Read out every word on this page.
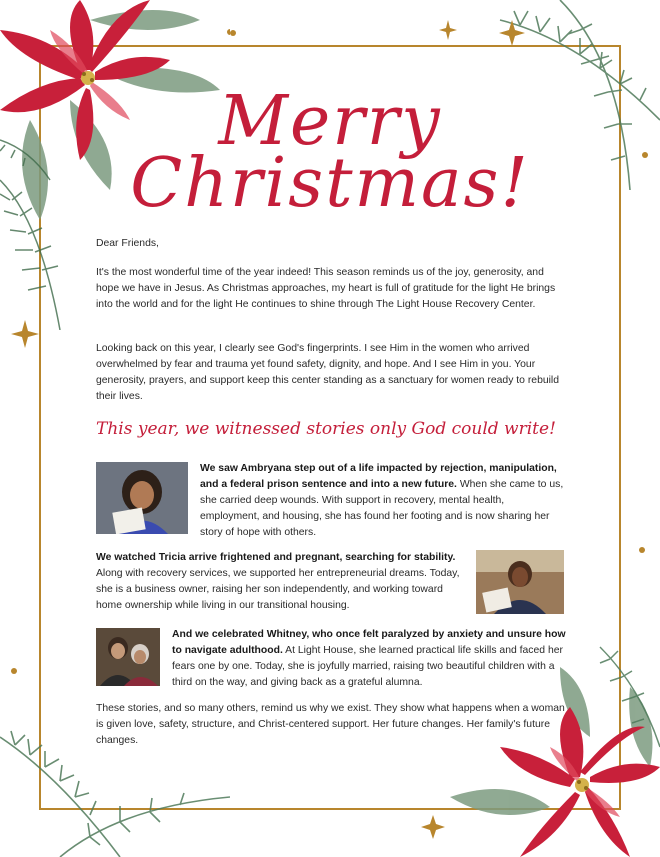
Merry
Christmas!
Dear Friends,
It's the most wonderful time of the year indeed! This season reminds us of the joy, generosity, and hope we have in Jesus. As Christmas approaches, my heart is full of gratitude for the light He brings into the world and for the light He continues to shine through The Light House Recovery Center.
Looking back on this year, I clearly see God's fingerprints. I see Him in the women who arrived overwhelmed by fear and trauma yet found safety, dignity, and hope. And I see Him in you. Your generosity, prayers, and support keep this center standing as a sanctuary for women ready to rebuild their lives.
This year, we witnessed stories only God could write!
We saw Ambryana step out of a life impacted by rejection, manipulation, and a federal prison sentence and into a new future. When she came to us, she carried deep wounds. With support in recovery, mental health, employment, and housing, she has found her footing and is now sharing her story of hope with others.
We watched Tricia arrive frightened and pregnant, searching for stability. Along with recovery services, we supported her entrepreneurial dreams. Today, she is a business owner, raising her son independently, and working toward home ownership while living in our transitional housing.
And we celebrated Whitney, who once felt paralyzed by anxiety and unsure how to navigate adulthood. At Light House, she learned practical life skills and faced her fears one by one. Today, she is joyfully married, raising two beautiful children with a third on the way, and giving back as a grateful alumna.
These stories, and so many others, remind us why we exist. They show what happens when a woman is given love, safety, structure, and Christ-centered support. Her future changes. Her family's future changes.
